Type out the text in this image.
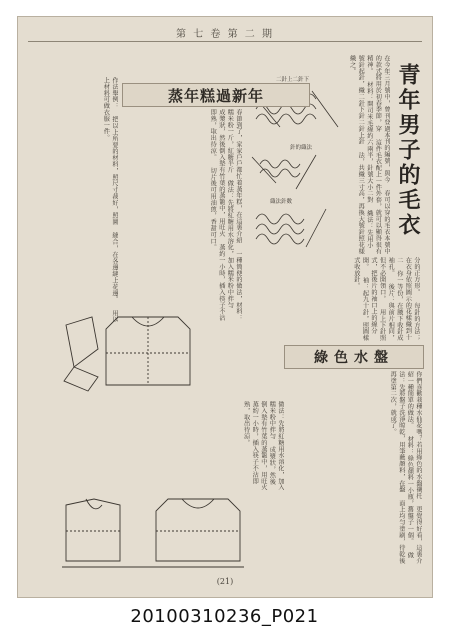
第 七 卷 第 二 期
青年男子的毛衣
在今年三月號中，曾刊登過本刊的編號，與今 春可以穿的毛衣本號中的款式將用於初春季節，穿 這件毛衣配上一件外套，就可以顯得很有精神。 材料：開司米毛線約六兩半，針號大小二對 織法：先用小號針起針，織二針下針二針上針 法，共織三寸高，再換大號針照花樣織之。
二針上二針下
針的織法
織法針數
蒸年糕過新年
春節到了，家家戶戶都忙着蒸年糕，在這裏介紹 一種簡便的做法，材料：糯米粉一斤，紅糖半斤 做法：先將紅糖用水溶化，加入糯米粉中拌勻 成漿狀，然後倒入墊有竹葉的蒸籠中，用旺火 蒸約一小時，插入筷子不沾即熟，取出待涼。 切片後可用油煎，香甜可口。
作法舉例： 把以上所要的材料，照尺寸裁好，照圖 縫合，在各邊縫上花邊。 用以上材料可做衣服一件。
分的正方形。 每針的方法；在衣身依照圖示的花樣織到十二 你一等份，在腋下收針成袖孔。 後片：與前片相同，但不必開領口。 用上下針照式，把後片的袖口上的線分開。 袖：起九十針，照圖樣式收放針。
綠色水盤
你們喜歡栽種水仙花嗎？若用綠色的水盤襯托 更覺得好看，這裏介紹一種簡單的做法。 材料：綠色顏料一小瓶，舊盤子一個。 做法：先將盤子洗淨晾乾，用筆蘸顏料，在盤 面上均勻塗刷，待乾後再塗第二次，就成了。
做法：先將紅糖用水溶化，加入糯米粉中拌勻 成漿狀，然後倒入墊有竹葉的蒸籠中，用旺火 蒸約一小時，插入筷子不沾即熟，取出待涼。
(21)
20100310236_P021
